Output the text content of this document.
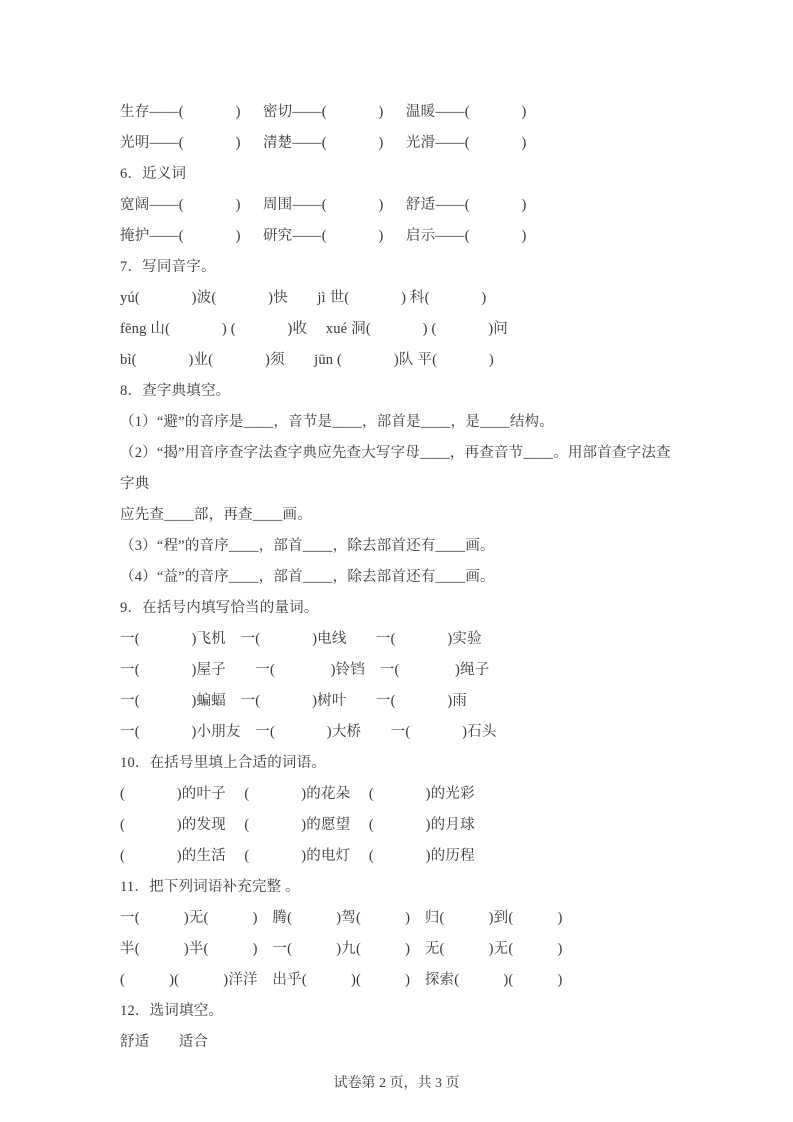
生存——(　　　  )　  密切——(　　　  )　  温暖——(　　　  )

光明——(　　　  )　  清楚——(　　　  )　  光滑——(　　　  )

6．近义词

宽阔——(　　　  )　  周围——(　　　  )　  舒适——(　　　  )

掩护——(　　　  )　  研究——(　　　  )　  启示——(　　　  )

7．写同音字。

yú(　　　  )波(　　　  )快　　jì 世(　　　  ) 科(　　　  )

fēng 山(　　　  ) (　　　  )收　 xué 洞(　　　  ) (　　　  )问

bì(　　　  )业(　　　  )须　　jūn (　　　  )队 平(　　　  )

8．查字典填空。

（1）“避”的音序是____，音节是____，部首是____，是____结构。

（2）“揭”用音序查字法查字典应先查大写字母____，再查音节____。用部首查字法查字典

应先查____部，再查____画。

（3）“程”的音序____，部首____，除去部首还有____画。

（4）“益”的音序____，部首____，除去部首还有____画。

9．在括号内填写恰当的量词。

一(　　　  )飞机　一(　　　  )电线　　一(　　　  )实验

一(　　　  )屋子　　一(　　　   )铃铛　一(　　　   )绳子

一(　　　  )蝙蝠　一(　　　  )树叶　　一(　　　  )雨

一(　　　  )小朋友　一(　　　  )大桥　　一(　　　  )石头

10．在括号里填上合适的词语。

(　　　  )的叶子　 (　　　  )的花朵　 (　　　  )的光彩

(　　　  )的发现　 (　　　  )的愿望　 (　　　  )的月球

(　　　  )的生活　 (　　　  )的电灯　 (　　　  )的历程

11．把下列词语补充完整 。

一(　　　)无(　　　)　腾(　　　)驾(　　　)　归(　　　)到(　　　)

半(　　　)半(　　　)　一(　　　)九(　　　)　无(　　　)无(　　　)

(　　　)(　　　)洋洋　出乎(　　　)(　　　)　探索(　　　)(　　　)

12．选词填空。

舒适　　适合

试卷第 2 页，共 3 页
